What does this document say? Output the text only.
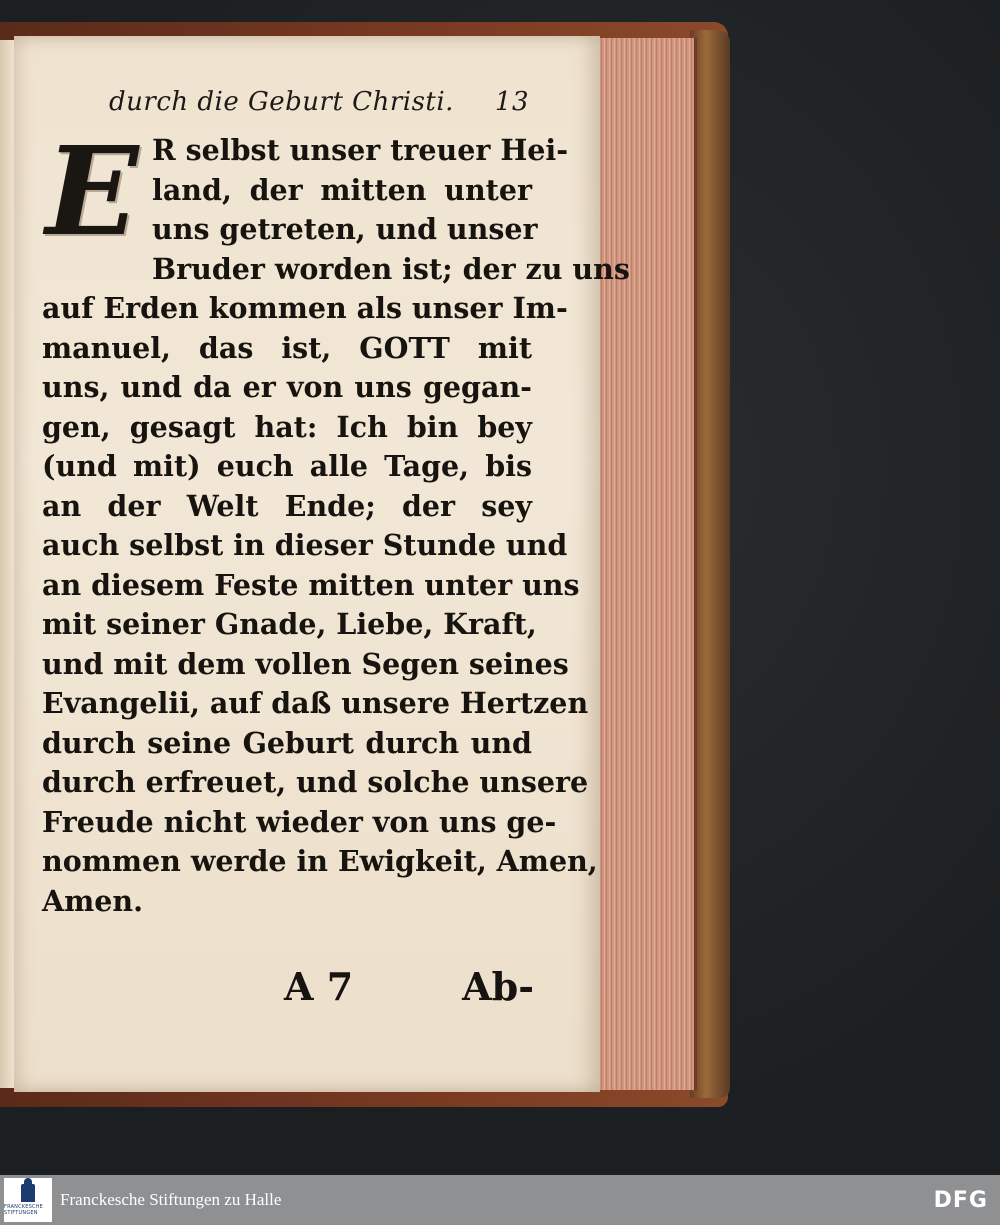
durch die Geburt Christi. 13
E R selbst unser treuer Hei-
land, der mitten unter
uns getreten, und unser
Bruder worden ist; der zu uns
auf Erden kommen als unser Im-
manuel, das ist, GOTT mit
uns, und da er von uns gegan-
gen, gesagt hat: Ich bin bey
(und mit) euch alle Tage, bis
an der Welt Ende; der sey
auch selbst in dieser Stunde und
an diesem Feste mitten unter uns
mit seiner Gnade, Liebe, Kraft,
und mit dem vollen Segen seines
Evangelii, auf daß unsere Hertzen
durch seine Geburt durch und
durch erfreuet, und solche unsere
Freude nicht wieder von uns ge-
nommen werde in Ewigkeit, Amen,
Amen.
A 7	Ab-
FRANCKESCHE STIFTUNGEN
Franckesche Stiftungen zu Halle	DFG
